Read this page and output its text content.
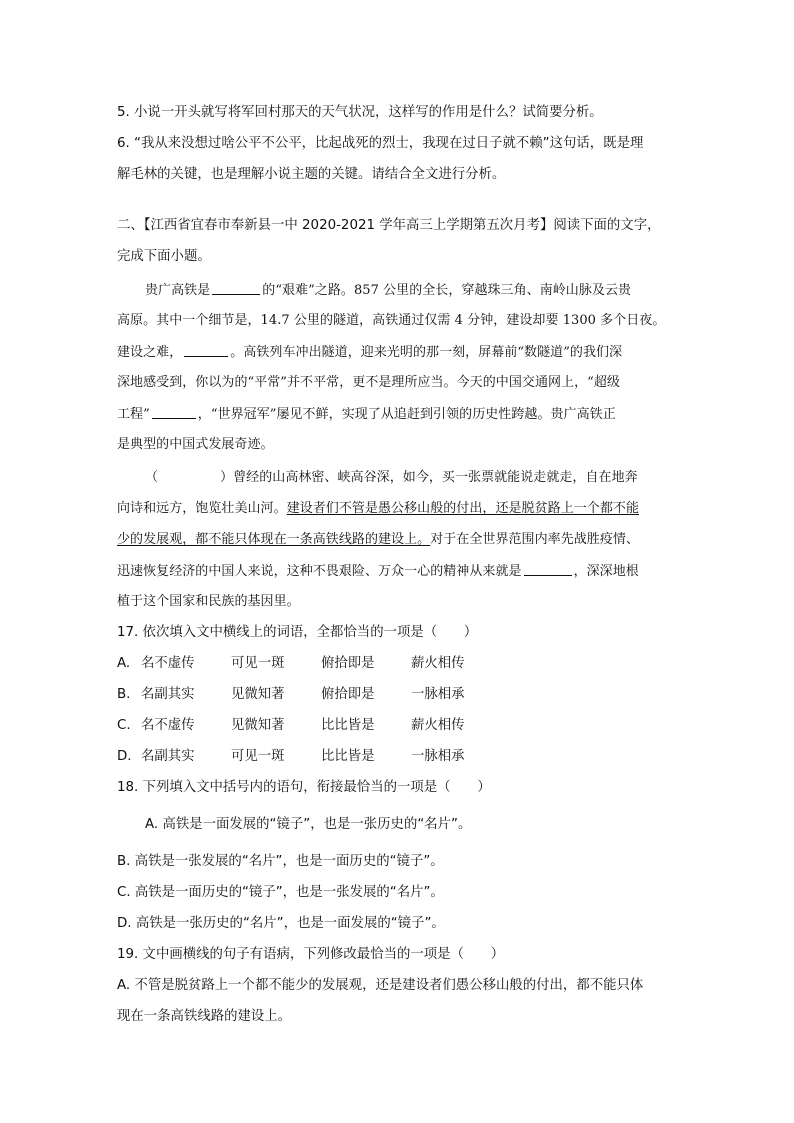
5. 小说一开头就写将军回村那天的天气状况，这样写的作用是什么？试简要分析。
6. “我从来没想过啥公平不公平，比起战死的烈士，我现在过日子就不赖”这句话，既是理
解毛林的关键，也是理解小说主题的关键。请结合全文进行分析。
二、【江西省宜春市奉新县一中 2020-2021 学年高三上学期第五次月考】阅读下面的文字，
完成下面小题。
贵广高铁是	的“艰难”之路。857 公里的全长，穿越珠三角、南岭山脉及云贵
高原。其中一个细节是，14.7 公里的隧道，高铁通过仅需 4 分钟，建设却要 1300 多个日夜。
建设之难，	。高铁列车冲出隧道，迎来光明的那一刻，屏幕前“数隧道”的我们深
深地感受到，你以为的“平常”并不平常，更不是理所应当。今天的中国交通网上，“超级
工程”	，“世界冠军”屡见不鲜，实现了从追赶到引领的历史性跨越。贵广高铁正
是典型的中国式发展奇迹。
（	）曾经的山高林密、峡高谷深，如今，买一张票就能说走就走，自在地奔
向诗和远方，饱览壮美山河。建设者们不管是愚公移山般的付出，还是脱贫路上一个都不能
少的发展观，都不能只体现在一条高铁线路的建设上。对于在全世界范围内率先战胜疫情、
迅速恢复经济的中国人来说，这种不畏艰险、万众一心的精神从来就是	，深深地根
植于这个国家和民族的基因里。
17. 依次填入文中横线上的词语，全都恰当的一项是（　　）
A. 名不虚传	可见一斑	俯拾即是	薪火相传
B. 名副其实	见微知著	俯拾即是	一脉相承
C. 名不虚传	见微知著	比比皆是	薪火相传
D. 名副其实	可见一斑	比比皆是	一脉相承
18. 下列填入文中括号内的语句，衔接最恰当的一项是（　　）
A. 高铁是一面发展的“镜子”，也是一张历史的“名片”。
B. 高铁是一张发展的“名片”，也是一面历史的“镜子”。
C. 高铁是一面历史的“镜子”，也是一张发展的“名片”。
D. 高铁是一张历史的“名片”，也是一面发展的“镜子”。
19. 文中画横线的句子有语病，下列修改最恰当的一项是（　　）
A. 不管是脱贫路上一个都不能少的发展观，还是建设者们愚公移山般的付出，都不能只体
现在一条高铁线路的建设上。
